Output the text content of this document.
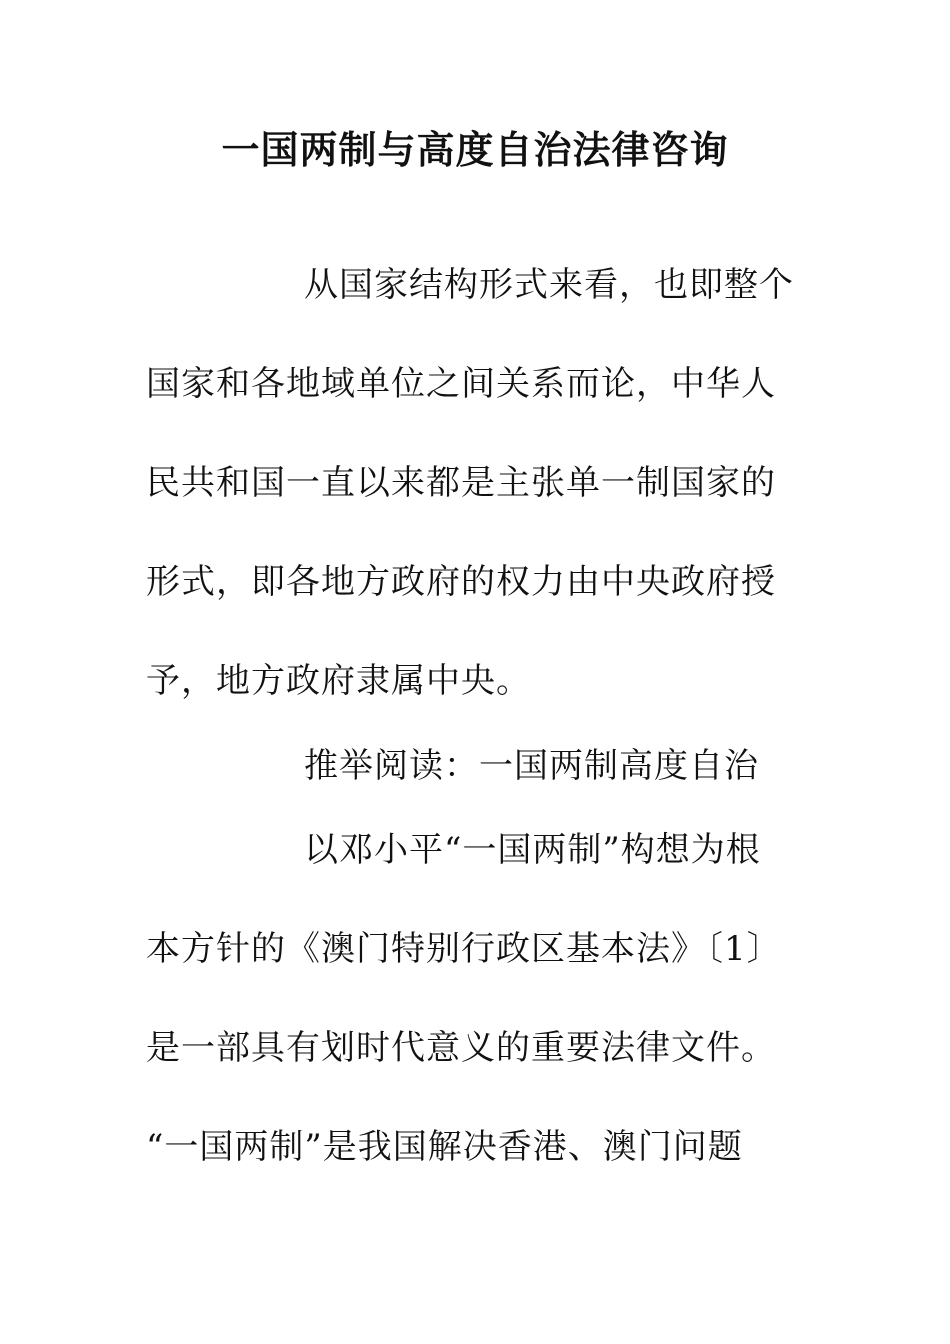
一国两制与高度自治法律咨询
从国家结构形式来看，也即整个
国家和各地域单位之间关系而论，中华人
民共和国一直以来都是主张单一制国家的
形式，即各地方政府的权力由中央政府授
予，地方政府隶属中央。
推举阅读：一国两制高度自治
以邓小平“一国两制”构想为根
本方针的《澳门特别行政区基本法》〔1〕
是一部具有划时代意义的重要法律文件。
“一国两制”是我国解决香港、澳门问题
